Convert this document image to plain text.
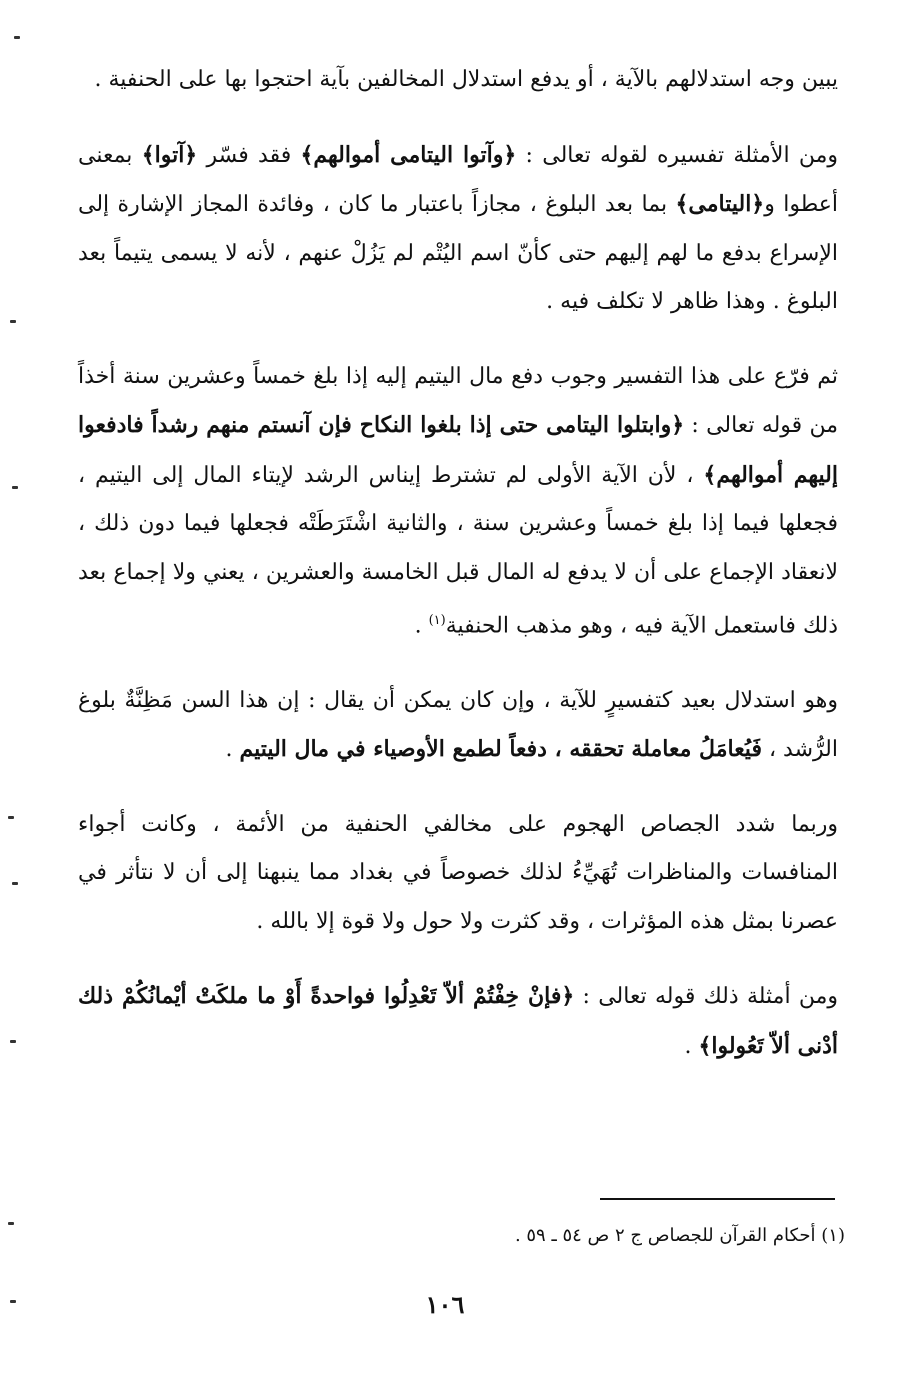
يبين وجه استدلالهم بالآية ، أو يدفع استدلال المخالفين بآية احتجوا بها على الحنفية .

ومن الأمثلة تفسيره لقوله تعالى : ﴿وآتوا اليتامى أموالهم﴾ فقد فسّر ﴿آتوا﴾ بمعنى أعطوا و﴿اليتامى﴾ بما بعد البلوغ ، مجازاً باعتبار ما كان ، وفائدة المجاز الإشارة إلى الإسراع بدفع ما لهم إليهم حتى كأنّ اسم اليُتْم لم يَزُلْ عنهم ، لأنه لا يسمى يتيماً بعد البلوغ . وهذا ظاهر لا تكلف فيه .

ثم فرّع على هذا التفسير وجوب دفع مال اليتيم إليه إذا بلغ خمساً وعشرين سنة أخذاً من قوله تعالى : ﴿وابتلوا اليتامى حتى إذا بلغوا النكاح فإن آنستم منهم رشداً فادفعوا إليهم أموالهم﴾ ، لأن الآية الأولى لم تشترط إيناس الرشد لإيتاء المال إلى اليتيم ، فجعلها فيما إذا بلغ خمساً وعشرين سنة ، والثانية اشْتَرَطَتْه فجعلها فيما دون ذلك ، لانعقاد الإجماع على أن لا يدفع له المال قبل الخامسة والعشرين ، يعني ولا إجماع بعد ذلك فاستعمل الآية فيه ، وهو مذهب الحنفية$^{(١)}$ .

وهو استدلال بعيد كتفسيرٍ للآية ، وإن كان يمكن أن يقال : إن هذا السن مَظِنَّةٌ بلوغ الرُّشد ، فَيُعامَلُ معاملة تحققه ، دفعاً لطمع الأوصياء في مال اليتيم .

وربما شدد الجصاص الهجوم على مخالفي الحنفية من الأئمة ، وكانت أجواء المنافسات والمناظرات تُهَيِّءُ لذلك خصوصاً في بغداد مما ينبهنا إلى أن لا نتأثر في عصرنا بمثل هذه المؤثرات ، وقد كثرت ولا حول ولا قوة إلا بالله .

ومن أمثلة ذلك قوله تعالى : ﴿فإنْ خِفْتُمْ ألاّ تَعْدِلُوا فواحدةً أَوْ ما ملكَتْ أيْمانُكُمْ ذلك أدْنى ألاّ تَعُولوا﴾ .

(١) أحكام القرآن للجصاص ج ٢ ص ٥٤ ـ ٥٩ .
١٠٦
